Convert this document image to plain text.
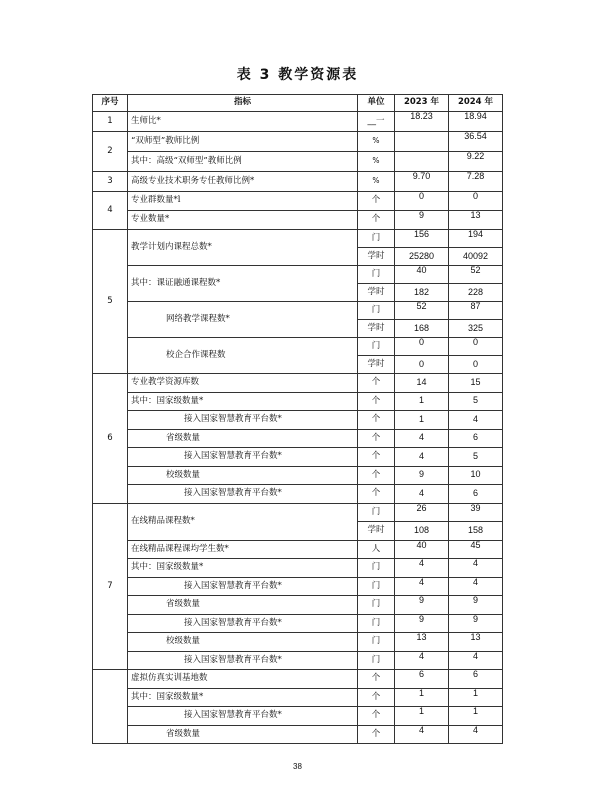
表 3 教学资源表
序号	指标	单位	2023 年	2024 年
1	生师比*	__一	18.23	18.94
2	“双师型”教师比例	%		36.54
	其中：高级“双师型”教师比例	%		9.22
3	高级专业技术职务专任教师比例*	%	9.70	7.28
4	专业群数量*l	个	0	0
	专业数量*	个	9	13
5	教学计划内课程总数*	门	156	194
		学时	25280	40092
	其中：课证融通课程数*	门	40	52
		学时	182	228
	网络教学课程数*	门	52	87
		学时	168	325
	校企合作课程数	门	0	0
		学时	0	0
6	专业教学资源库数	个	14	15
	其中：国家级数量*	个	1	5
	接入国家智慧教育平台数*	个	1	4
	省级数量	个	4	6
	接入国家智慧教育平台数*	个	4	5
	校级数量	个	9	10
	接入国家智慧教育平台数*	个	4	6
7	在线精品课程数*	门	26	39
		学时	108	158
	在线精品课程课均学生数*	人	40	45
	其中：国家级数量*	门	4	4
	接入国家智慧教育平台数*	门	4	4
	省级数量	门	9	9
	接入国家智慧教育平台数*	门	9	9
	校级数量	门	13	13
	接入国家智慧教育平台数*	门	4	4
	虚拟仿真实训基地数	个	6	6
	其中：国家级数量*	个	1	1
	接入国家智慧教育平台数*	个	1	1
	省级数量	个	4	4
38
